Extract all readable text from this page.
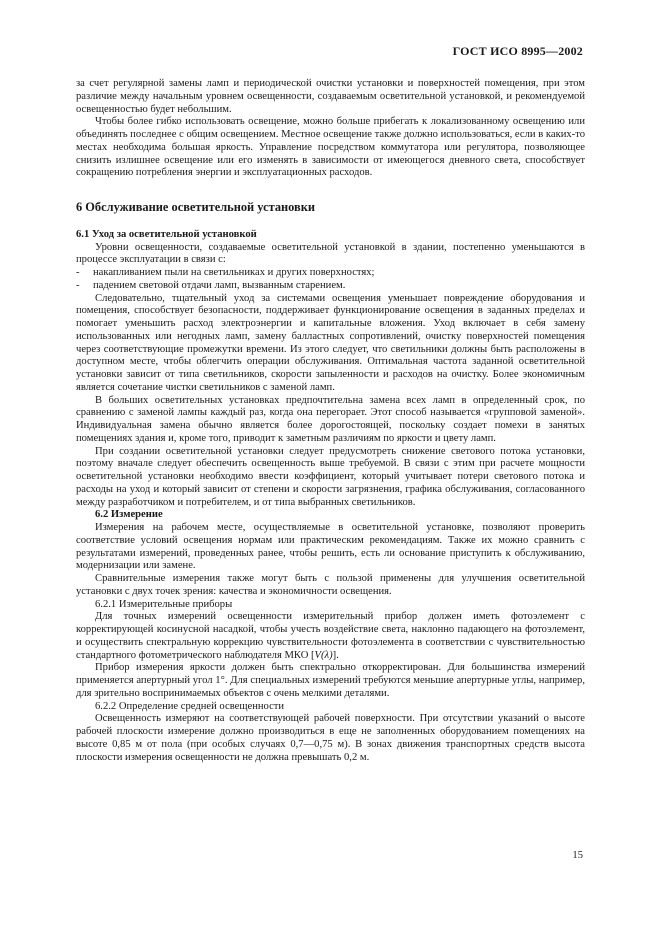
ГОСТ ИСО 8995—2002

за счет регулярной замены ламп и периодической очистки установки и поверхностей помещения, при этом различие между начальным уровнем освещенности, создаваемым осветительной установкой, и рекомендуемой освещенностью будет небольшим.

Чтобы более гибко использовать освещение, можно больше прибегать к локализованному освещению или объединять последнее с общим освещением. Местное освещение также должно использоваться, если в каких-то местах необходима большая яркость. Управление посредством коммутатора или регулятора, позволяющее снизить излишнее освещение или его изменять в зависимости от имеющегося дневного света, способствует сокращению потребления энергии и эксплуатационных расходов.

6 Обслуживание осветительной установки
6.1 Уход за осветительной установкой

Уровни освещенности, создаваемые осветительной установкой в здании, постепенно уменьшаются в процессе эксплуатации в связи с:

- накапливанием пыли на светильниках и других поверхностях;
- падением световой отдачи ламп, вызванным старением.

Следовательно, тщательный уход за системами освещения уменьшает повреждение оборудования и помещения, способствует безопасности, поддерживает функционирование освещения в заданных пределах и помогает уменьшить расход электроэнергии и капитальные вложения. Уход включает в себя замену использованных или негодных ламп, замену балластных сопротивлений, очистку поверхностей помещения через соответствующие промежутки времени. Из этого следует, что светильники должны быть расположены в доступном месте, чтобы облегчить операции обслуживания. Оптимальная частота заданной осветительной установки зависит от типа светильников, скорости запыленности и расходов на очистку. Более экономичным является сочетание чистки светильников с заменой ламп.

В больших осветительных установках предпочтительна замена всех ламп в определенный срок, по сравнению с заменой лампы каждый раз, когда она перегорает. Этот способ называется «групповой заменой». Индивидуальная замена обычно является более дорогостоящей, поскольку создает помехи в занятых помещениях здания и, кроме того, приводит к заметным различиям по яркости и цвету ламп.

При создании осветительной установки следует предусмотреть снижение светового потока установки, поэтому вначале следует обеспечить освещенность выше требуемой. В связи с этим при расчете мощности осветительной установки необходимо ввести коэффициент, который учитывает потери светового потока и расходы на уход и который зависит от степени и скорости загрязнения, графика обслуживания, согласованного между разработчиком и потребителем, и от типа выбранных светильников.

6.2 Измерение

Измерения на рабочем месте, осуществляемые в осветительной установке, позволяют проверить соответствие условий освещения нормам или практическим рекомендациям. Также их можно сравнить с результатами измерений, проведенных ранее, чтобы решить, есть ли основание приступить к обслуживанию, модернизации или замене.

Сравнительные измерения также могут быть с пользой применены для улучшения осветительной установки с двух точек зрения: качества и экономичности освещения.

6.2.1 Измерительные приборы

Для точных измерений освещенности измерительный прибор должен иметь фотоэлемент с корректирующей косинусной насадкой, чтобы учесть воздействие света, наклонно падающего на фотоэлемент, и осуществить спектральную коррекцию чувствительности фотоэлемента в соответствии с чувствительностью стандартного фотометрического наблюдателя МКО [V(λ)].

Прибор измерения яркости должен быть спектрально откорректирован. Для большинства измерений применяется апертурный угол 1°. Для специальных измерений требуются меньшие апертурные углы, например, для зрительно воспринимаемых объектов с очень мелкими деталями.

6.2.2 Определение средней освещенности

Освещенность измеряют на соответствующей рабочей поверхности. При отсутствии указаний о высоте рабочей плоскости измерение должно производиться в еще не заполненных оборудованием помещениях на высоте 0,85 м от пола (при особых случаях 0,7—0,75 м). В зонах движения транспортных средств высота плоскости измерения освещенности не должна превышать 0,2 м.

15
